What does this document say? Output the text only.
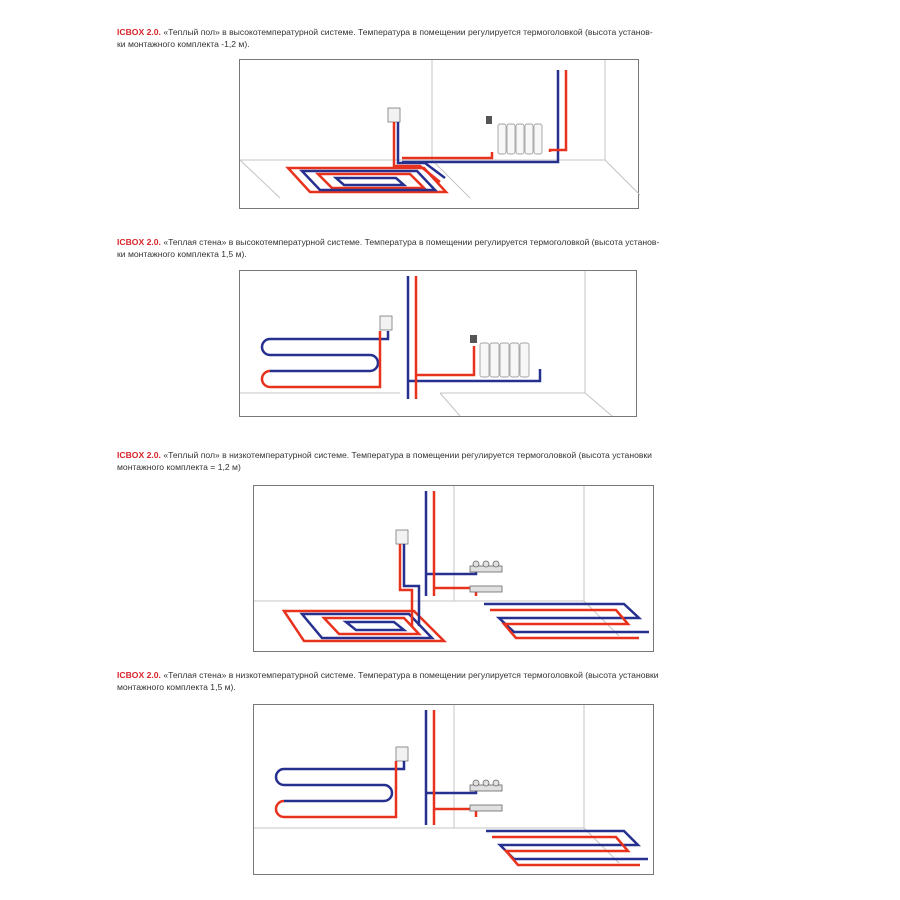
ICBOX 2.0. «Теплый пол» в высокотемпературной системе. Температура в помещении регулируется термоголовкой (высота установ-
ки монтажного комплекта -1,2 м).
ICBOX 2.0. «Теплая стена» в высокотемпературной системе. Температура в помещении регулируется термоголовкой (высота установ-
ки монтажного комплекта 1,5 м).
ICBOX 2.0. «Теплый пол» в низкотемпературной системе. Температура в помещении регулируется термоголовкой (высота установки
монтажного комплекта = 1,2 м)
ICBOX 2.0. «Теплая стена» в низкотемпературной системе. Температура в помещении регулируется термоголовкой (высота установки
монтажного комплекта 1,5 м).
